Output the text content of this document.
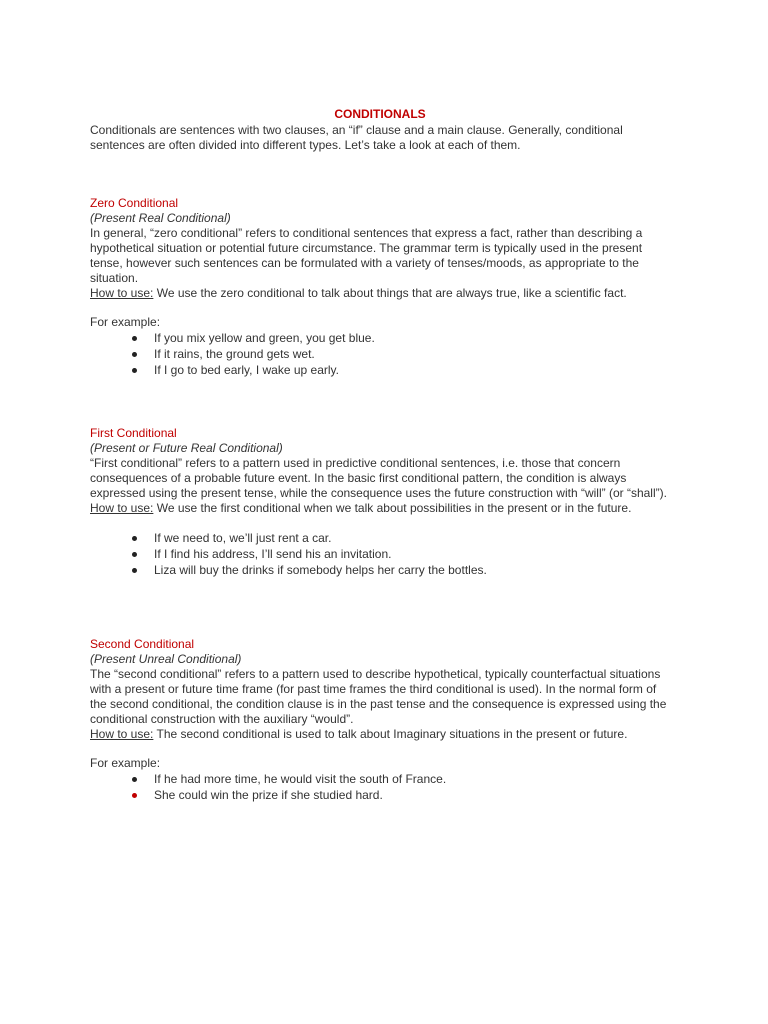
CONDITIONALS

Conditionals are sentences with two clauses, an “if” clause and a main clause. Generally, conditional sentences are often divided into different types. Let’s take a look at each of them.

Zero Conditional
(Present Real Conditional)

In general, “zero conditional” refers to conditional sentences that express a fact, rather than describing a hypothetical situation or potential future circumstance. The grammar term is typically used in the present tense, however such sentences can be formulated with a variety of tenses/moods, as appropriate to the situation.

How to use: We use the zero conditional to talk about things that are always true, like a scientific fact.

For example:

If you mix yellow and green, you get blue.
If it rains, the ground gets wet.
If I go to bed early, I wake up early.
First Conditional
(Present or Future Real Conditional)

“First conditional” refers to a pattern used in predictive conditional sentences, i.e. those that concern consequences of a probable future event. In the basic first conditional pattern, the condition is always expressed using the present tense, while the consequence uses the future construction with “will” (or “shall”).

How to use: We use the first conditional when we talk about possibilities in the present or in the future.

If we need to, we’ll just rent a car.
If I find his address, I’ll send his an invitation.
Liza will buy the drinks if somebody helps her carry the bottles.
Second Conditional
(Present Unreal Conditional)

The “second conditional” refers to a pattern used to describe hypothetical, typically counterfactual situations with a present or future time frame (for past time frames the third conditional is used). In the normal form of the second conditional, the condition clause is in the past tense and the consequence is expressed using the conditional construction with the auxiliary “would”.

How to use: The second conditional is used to talk about Imaginary situations in the present or future.

For example:

If he had more time, he would visit the south of France.
She could win the prize if she studied hard.
